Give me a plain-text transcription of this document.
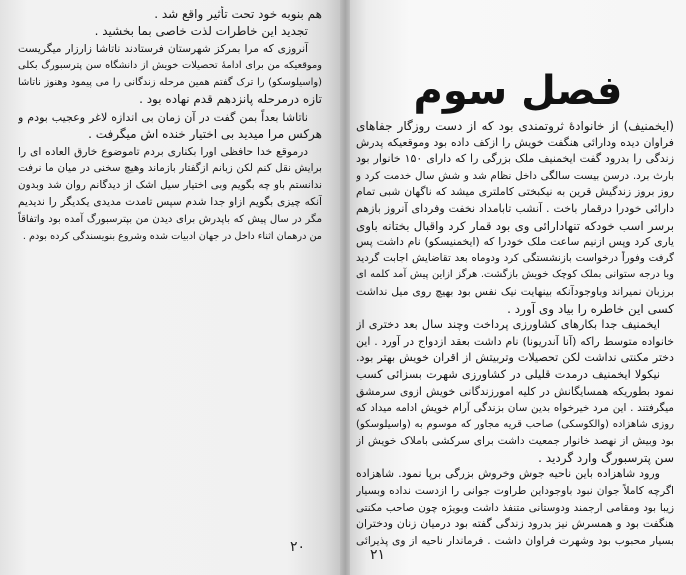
هم بنوبه خود تحت تأثیر واقع شد .
تجدید این خاطرات لذت خاصی بما بخشید .
آنروزی که مرا بمرکز شهرستان فرستادند ناتاشا زارزار میگریست
وموقعیکه من برای ادامهٔ تحصیلات خویش از دانشگاه سن پترسبورگ بکلی
(واسیلوسکو) را ترک گفتم همین مرحله زندگانی را می پیمود وهنوز ناتاشا
تازه درمرحله پانزدهم قدم نهاده بود .
ناتاشا بعداً بمن گفت در آن زمان بی اندازه لاغر وعجیب بودم و
هرکس مرا میدید بی اختیار خنده اش میگرفت .
درموقع خدا حافظی اورا بکناری بردم تاموضوع خارق العاده ای را
برایش نقل کنم لکن زبانم ازگفتار بازماند وهیچ سخنی در میان ما نرفت
ندانستم باو چه بگویم وبی اختیار سیل اشک از دیدگانم روان شد وبدون
آنکه چیزی بگویم ازاو جدا شدم سپس تامدت مدیدی یکدیگر را ندیدیم
مگر در سال پیش که باپدرش برای دیدن من بپترسبورگ آمده بود واتفاقاً
من درهمان اثناء داخل در جهان ادبیات شده وشروع بنویسندگی کرده بودم .
۲۰
فصل سوم
(ایخمنیف) از خانوادهٔ ثروتمندی بود که از دست روزگار جفاهای
فراوان دیده ودارائی هنگفت خویش را ازکف داده بود وموقعیکه پدرش
زندگی را بدرود گفت ایخمنیف ملک بزرگی را که دارای ۱۵۰ خانوار بود
بارث برد. درسن بیست سالگی داخل نظام شد و شش سال خدمت کرد و
روز بروز زندگیش قرین به نیکبختی کاملتری میشد که ناگهان شبی تمام
دارائی خودرا درقمار باخت . آنشب تابامداد نخفت وفردای آنروز بازهم
برسر اسب خودکه تنهادارائی وی بود قمار کرد واقبال بختانه باوی
یاری کرد وپس ازنیم ساعت ملک خودرا که (ایخمنیسکو) نام داشت پس
گرفت وفوراً درخواست بازنشستگی کرد ودوماه بعد تقاضایش اجابت گردید
وبا درجه ستوانی بملک کوچک خویش بازگشت. هرگز ازاین پیش آمد کلمه ای
برزبان نمیراند وباوجودآنکه بینهایت نیک نفس بود بهیچ روی میل نداشت
کسی این خاطره را بیاد وی آورد .
ایخمنیف جدا بکارهای کشاورزی پرداخت وچند سال بعد دختری از
خانواده متوسط راکه (آنا آندریونا) نام داشت بعقد ازدواج در آورد . این
دختر مکنتی نداشت لکن تحصیلات وتربیتش از اقران خویش بهتر بود.
نیکولا ایخمنیف درمدت قلیلی در کشاورزی شهرت بسزائی کسب
نمود بطوریکه همسایگانش در کلیه امورزندگانی خویش ازوی سرمشق
میگرفتند . این مرد خیرخواه بدین سان بزندگی آرام خویش ادامه میداد که
روزی شاهزاده (والکوسکی) صاحب قریه مجاور که موسوم به (واسیلوسکو)
بود وبیش از نهصد خانوار جمعیت داشت برای سرکشی باملاک خویش از
سن پترسبورگ وارد گردید .
ورود شاهزاده باین ناحیه جوش وخروش بزرگی برپا نمود. شاهزاده
اگرچه کاملاً جوان نبود باوجوداین طراوت جوانی را ازدست نداده وبسیار
زیبا بود ومقامی ارجمند ودوستانی متنفذ داشت وبویژه چون صاحب مکنتی
هنگفت بود و همسرش نیز بدرود زندگی گفته بود درمیان زنان ودختران
بسیار محبوب بود وشهرت فراوان داشت . فرماندار ناحیه از وی پذیرائی
۲۱
